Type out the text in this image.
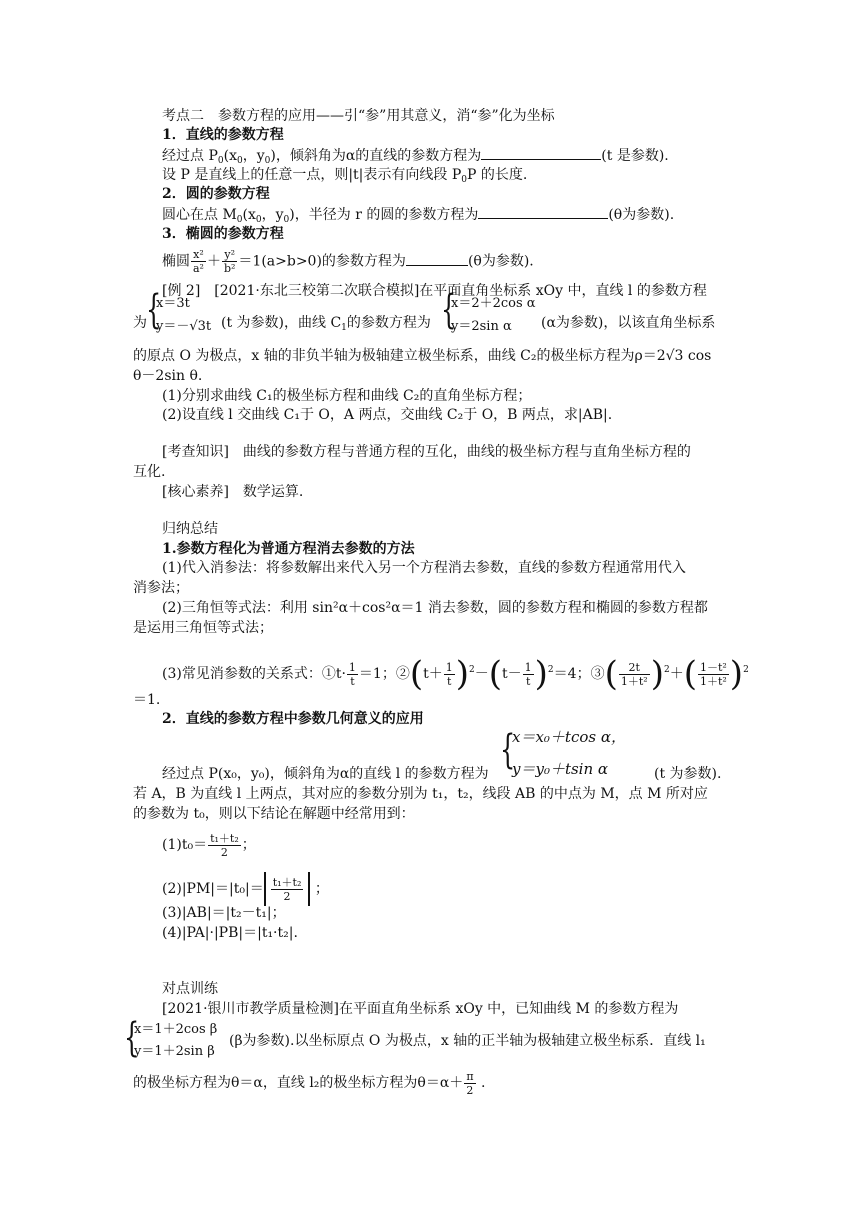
考点二　参数方程的应用——引“参”用其意义，消“参”化为坐标
1．直线的参数方程
经过点 $P_0(x_0$，$y_0$)，倾斜角为α的直线的参数方程为	(t 是参数).
设 P 是直线上的任意一点，则|t|表示有向线段 $P_0P$ 的长度.
2．圆的参数方程
圆心在点 $M_0(x_0$，$y_0$)，半径为 r 的圆的参数方程为	(θ为参数).
3．椭圆的参数方程
椭圆 $\frac{\text{x²}}{\text{a²}} + \frac{\text{y²}}{\text{b²}} =1(a>b>0)$的参数方程为	(θ为参数).
[例 2]　[2021·东北三校第二次联合模拟]在平面直角坐标系 xOy 中，直线 l 的参数方程
为 {
x＝3t
y＝－√3t (t 为参数)，曲线 $C_1$的参数方程为 {
x＝2＋2cos α
y＝2sin α (α为参数)，以该直角坐标系
的原点 O 为极点，x 轴的非负半轴为极轴建立极坐标系，曲线 C₂的极坐标方程为ρ＝2√3 cos
θ－2sin θ.
(1)分别求曲线 C₁的极坐标方程和曲线 C₂的直角坐标方程；
(2)设直线 l 交曲线 C₁于 O，A 两点，交曲线 C₂于 O，B 两点，求|AB|.
[考查知识]　曲线的参数方程与普通方程的互化，曲线的极坐标方程与直角坐标方程的
互化.
[核心素养]　数学运算.
归纳总结
1.参数方程化为普通方程消去参数的方法
(1)代入消参法：将参数解出来代入另一个方程消去参数，直线的参数方程通常用代入
消参法；
(2)三角恒等式法：利用 sin²α＋cos²α＝1 消去参数，圆的参数方程和椭圆的参数方程都
是运用三角恒等式法；
(3)常见消参数的关系式：①t· $\frac{1}{t} =1$；②(t＋ $\frac{1}{t} )^2-(t- \frac{1}{t} )^2=4$；③( $\frac{2t}{\text{1＋t²}} )^2+( \frac{\text{1－t²}}{\text{1＋t²}} )^2$
＝1.
2．直线的参数方程中参数几何意义的应用
{
x＝x₀＋tcos α，
y＝y₀＋tsin α
经过点 P(x₀，y₀)，倾斜角为α的直线 l 的参数方程为	(t 为参数).
若 A，B 为直线 l 上两点，其对应的参数分别为 t₁，t₂，线段 AB 的中点为 M，点 M 所对应
的参数为 t₀，则以下结论在解题中经常用到：
$(1)t_0= \frac{\text{t₁＋t₂}}{2}$ ；
$(2)|PM|=|t_0|= \frac{\text{t₁＋t₂}}{2}$ ；
(3)|AB|＝|t₂－t₁|；
(4)|PA|·|PB|＝|t₁·t₂|.
对点训练
[2021·银川市教学质量检测]在平面直角坐标系 xOy 中，已知曲线 M 的参数方程为
{
x＝1＋2cos β
y＝1＋2sin β
(β为参数).以坐标原点 O 为极点，x 轴的正半轴为极轴建立极坐标系．直线 l₁
的极坐标方程为θ＝α，直线 l₂的极坐标方程为$\theta=\alpha+ \frac{\pi}{2}$ .
